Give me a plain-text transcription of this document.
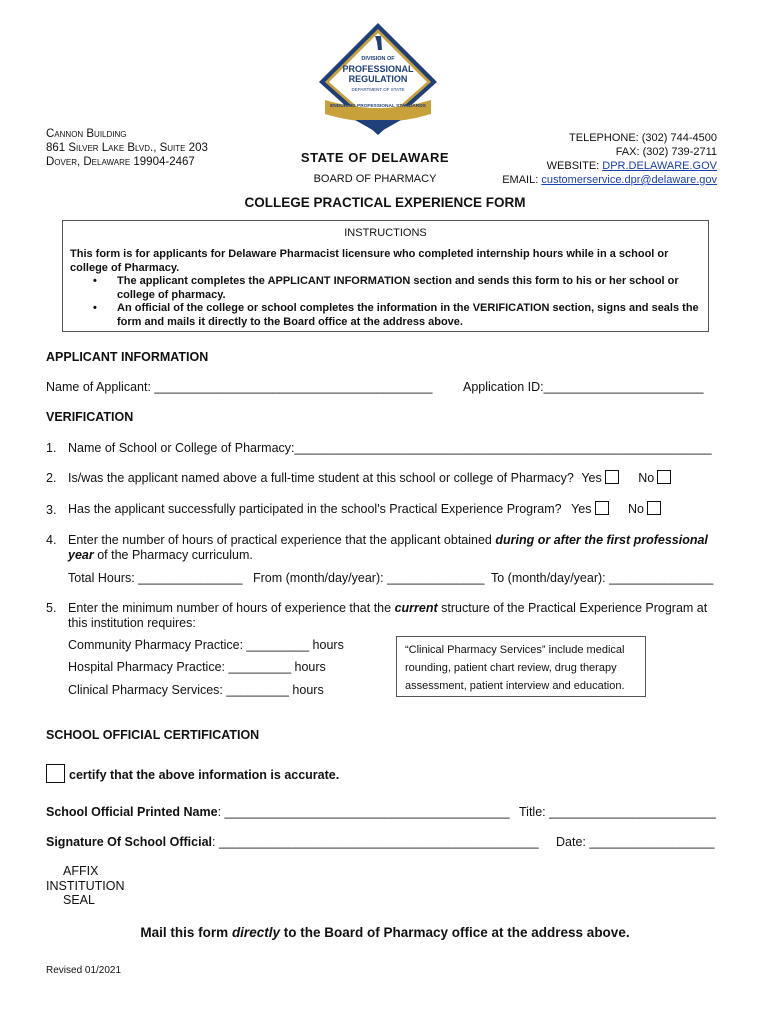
DIVISION OF
PROFESSIONAL
REGULATION
DEPARTMENT OF STATE
ENDURING PROFESSIONAL STANDARDS
Cannon Building
861 Silver Lake Blvd., Suite 203
Dover, Delaware 19904-2467	STATE OF DELAWARE
BOARD OF PHARMACY
TELEPHONE: (302) 744-4500
FAX: (302) 739-2711
WEBSITE: DPR.DELAWARE.GOV
EMAIL: customerservice.dpr@delaware.gov
COLLEGE PRACTICAL EXPERIENCE FORM
INSTRUCTIONS
This form is for applicants for Delaware Pharmacist licensure who completed internship hours while in a school or college of Pharmacy.
•	The applicant completes the APPLICANT INFORMATION section and sends this form to his or her school or college of pharmacy.
•	An official of the college or school completes the information in the VERIFICATION section, signs and seals the form and mails it directly to the Board office at the address above.
APPLICANT INFORMATION
Name of Applicant: ________________________________________ Application ID:_______________________
VERIFICATION
1. Name of School or College of Pharmacy:____________________________________________________________
2. Is/was the applicant named above a full-time student at this school or college of Pharmacy? Yes	No
3. Has the applicant successfully participated in the school's Practical Experience Program? Yes	No
4. Enter the number of hours of practical experience that the applicant obtained during or after the first professional year of the Pharmacy curriculum.
Total Hours: _______________ From (month/day/year): ______________ To (month/day/year): _______________
5. Enter the minimum number of hours of experience that the current structure of the Practical Experience Program at this institution requires:
Community Pharmacy Practice: _________ hours
Hospital Pharmacy Practice: _________ hours
Clinical Pharmacy Services: _________ hours
“Clinical Pharmacy Services” include medical rounding, patient chart review, drug therapy assessment, patient interview and education.
SCHOOL OFFICIAL CERTIFICATION
certify that the above information is accurate.
School Official Printed Name: _________________________________________ Title: ________________________
Signature Of School Official: ______________________________________________ Date: __________________
AFFIX
INSTITUTION
SEAL
Mail this form directly to the Board of Pharmacy office at the address above.
Revised 01/2021
